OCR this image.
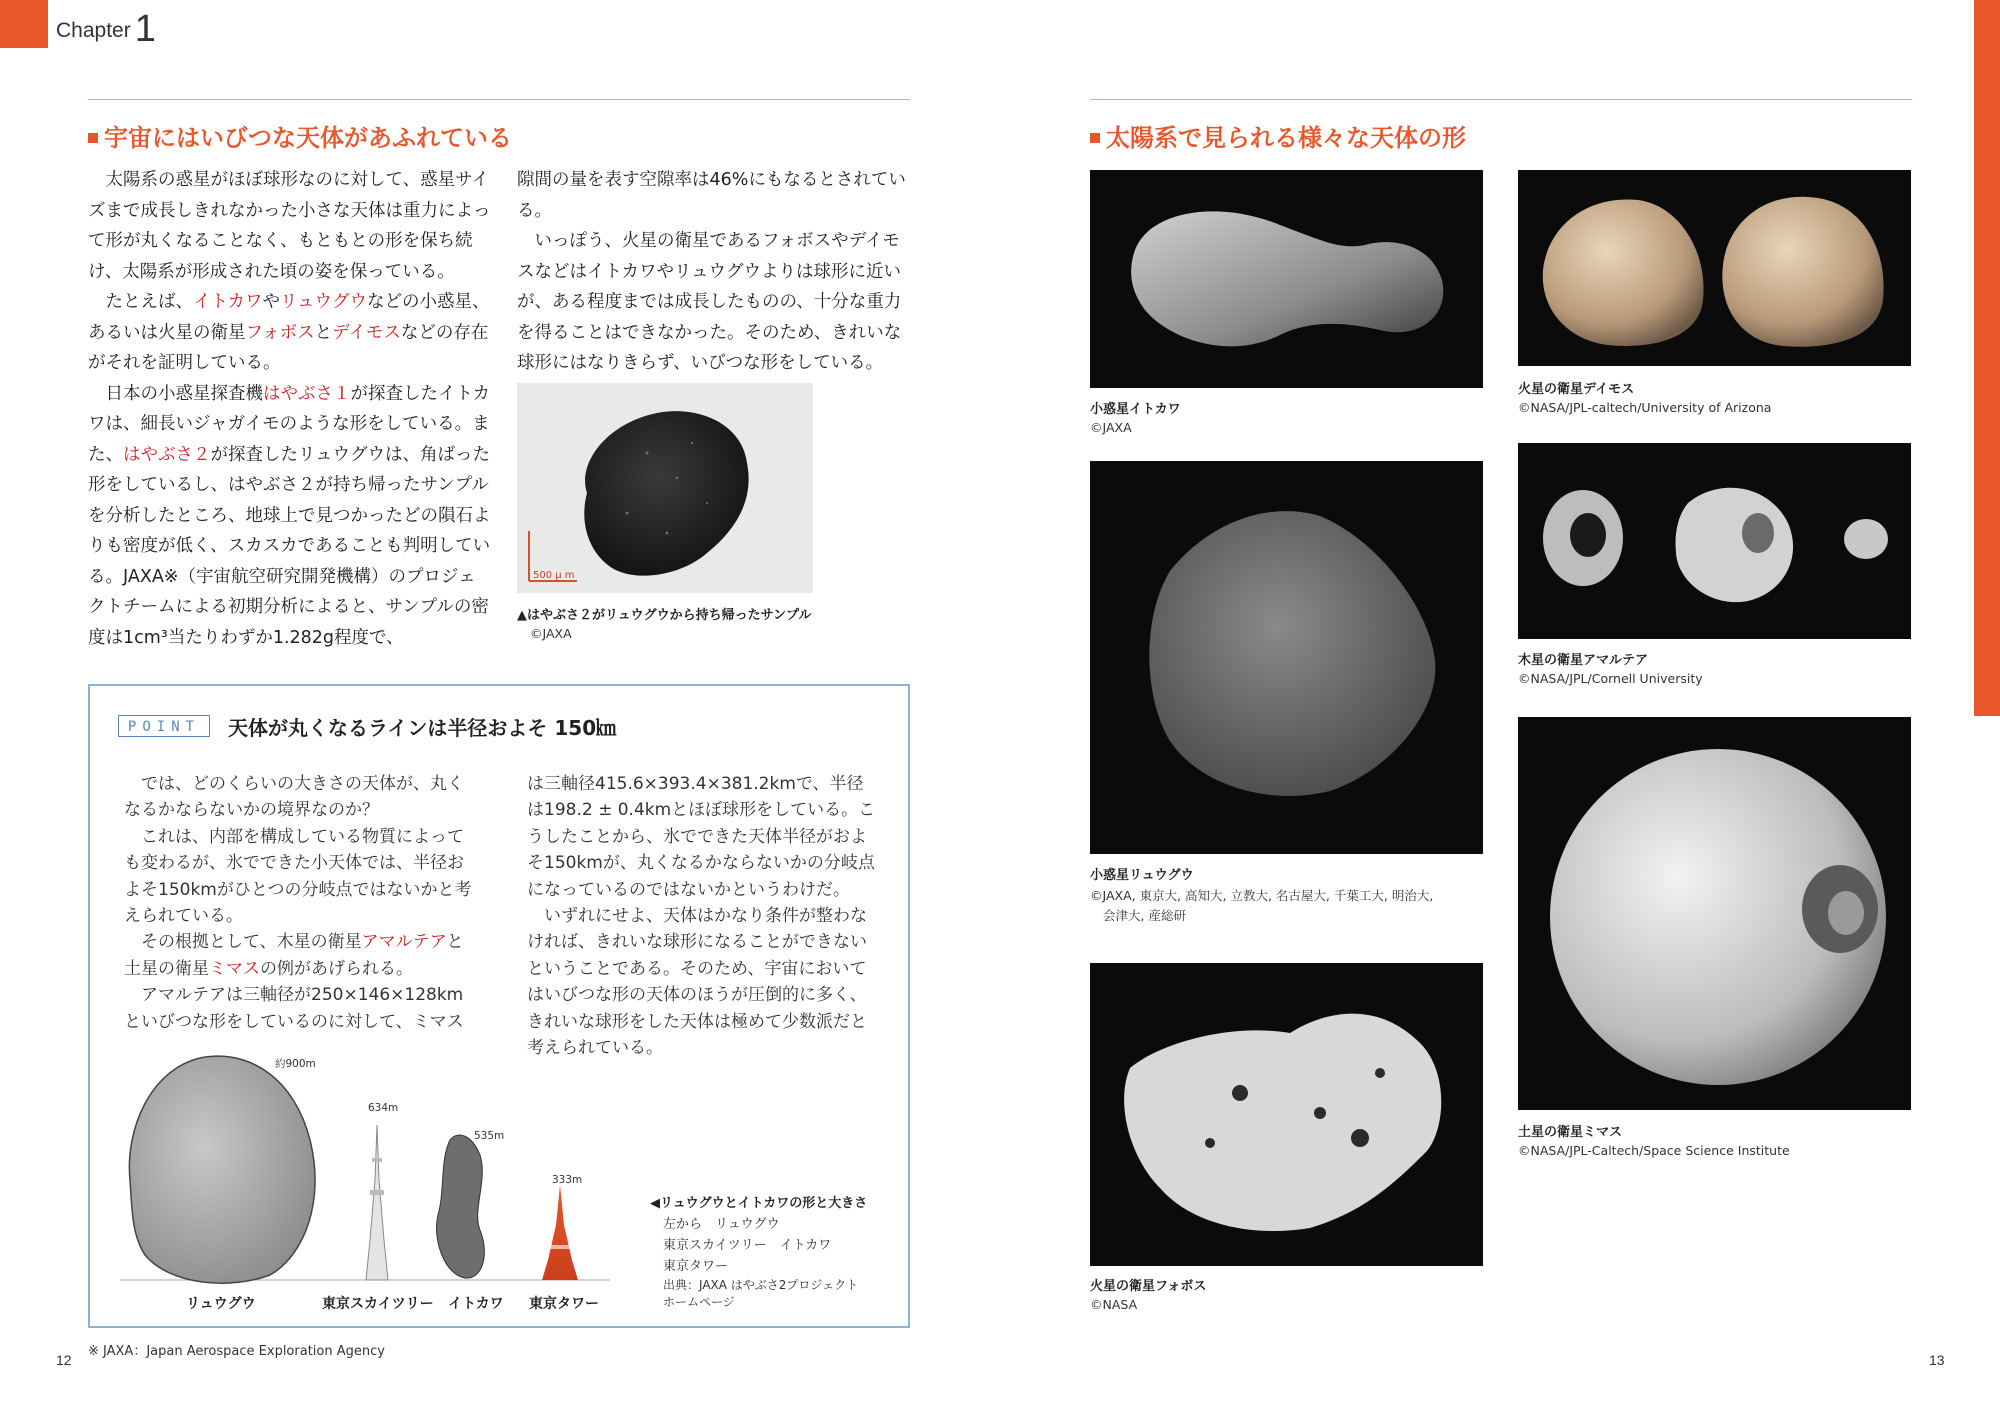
Chapter 1
宇宙にはいびつな天体があふれている

太陽系の惑星がほぼ球形なのに対して、惑星サイズまで成長しきれなかった小さな天体は重力によって形が丸くなることなく、もともとの形を保ち続け、太陽系が形成された頃の姿を保っている。

たとえば、イトカワやリュウグウなどの小惑星、あるいは火星の衛星フォボスとデイモスなどの存在がそれを証明している。

日本の小惑星探査機はやぶさ１が探査したイトカワは、細長いジャガイモのような形をしている。また、はやぶさ２が探査したリュウグウは、角ばった形をしているし、はやぶさ２が持ち帰ったサンプルを分析したところ、地球上で見つかったどの隕石よりも密度が低く、スカスカであることも判明している。JAXA※（宇宙航空研究開発機構）のプロジェクトチームによる初期分析によると、サンプルの密度は1cm³当たりわずか1.282g程度で、

隙間の量を表す空隙率は46%にもなるとされている。

いっぽう、火星の衛星であるフォボスやデイモスなどはイトカワやリュウグウよりは球形に近いが、ある程度までは成長したものの、十分な重力を得ることはできなかった。そのため、きれいな球形にはなりきらず、いびつな形をしている。

500 μ m
▲はやぶさ２がリュウグウから持ち帰ったサンプル
©JAXA
POINT	天体が丸くなるラインは半径およそ 150㎞

では、どのくらいの大きさの天体が、丸くなるかならないかの境界なのか？

これは、内部を構成している物質によっても変わるが、氷でできた小天体では、半径およそ150kmがひとつの分岐点ではないかと考えられている。

その根拠として、木星の衛星アマルテアと土星の衛星ミマスの例があげられる。

アマルテアは三軸径が250×146×128kmといびつな形をしているのに対して、ミマス

は三軸径415.6×393.4×381.2kmで、半径は198.2 ± 0.4kmとほぼ球形をしている。こうしたことから、氷でできた天体半径がおよそ150kmが、丸くなるかならないかの分岐点になっているのではないかというわけだ。

いずれにせよ、天体はかなり条件が整わなければ、きれいな球形になることができないということである。そのため、宇宙においてはいびつな形の天体のほうが圧倒的に多く、きれいな球形をした天体は極めて少数派だと考えられている。

約900m
634m
535m
333m
リュウグウ	東京スカイツリー イトカワ 東京タワー
◀リュウグウとイトカワの形と大きさ
左から　リュウグウ
東京スカイツリー　イトカワ
東京タワー
出典：JAXA はやぶさ2プロジェクト
ホームページ
※ JAXA：Japan Aerospace Exploration Agency
12
太陽系で見られる様々な天体の形
小惑星イトカワ
©JAXA
小惑星リュウグウ
©JAXA, 東京大, 高知大, 立教大, 名古屋大, 千葉工大, 明治大,
会津大, 産総研
火星の衛星フォボス
©NASA
火星の衛星デイモス
©NASA/JPL-caltech/University of Arizona
木星の衛星アマルテア
©NASA/JPL/Cornell University
土星の衛星ミマス
©NASA/JPL-Caltech/Space Science Institute
13
